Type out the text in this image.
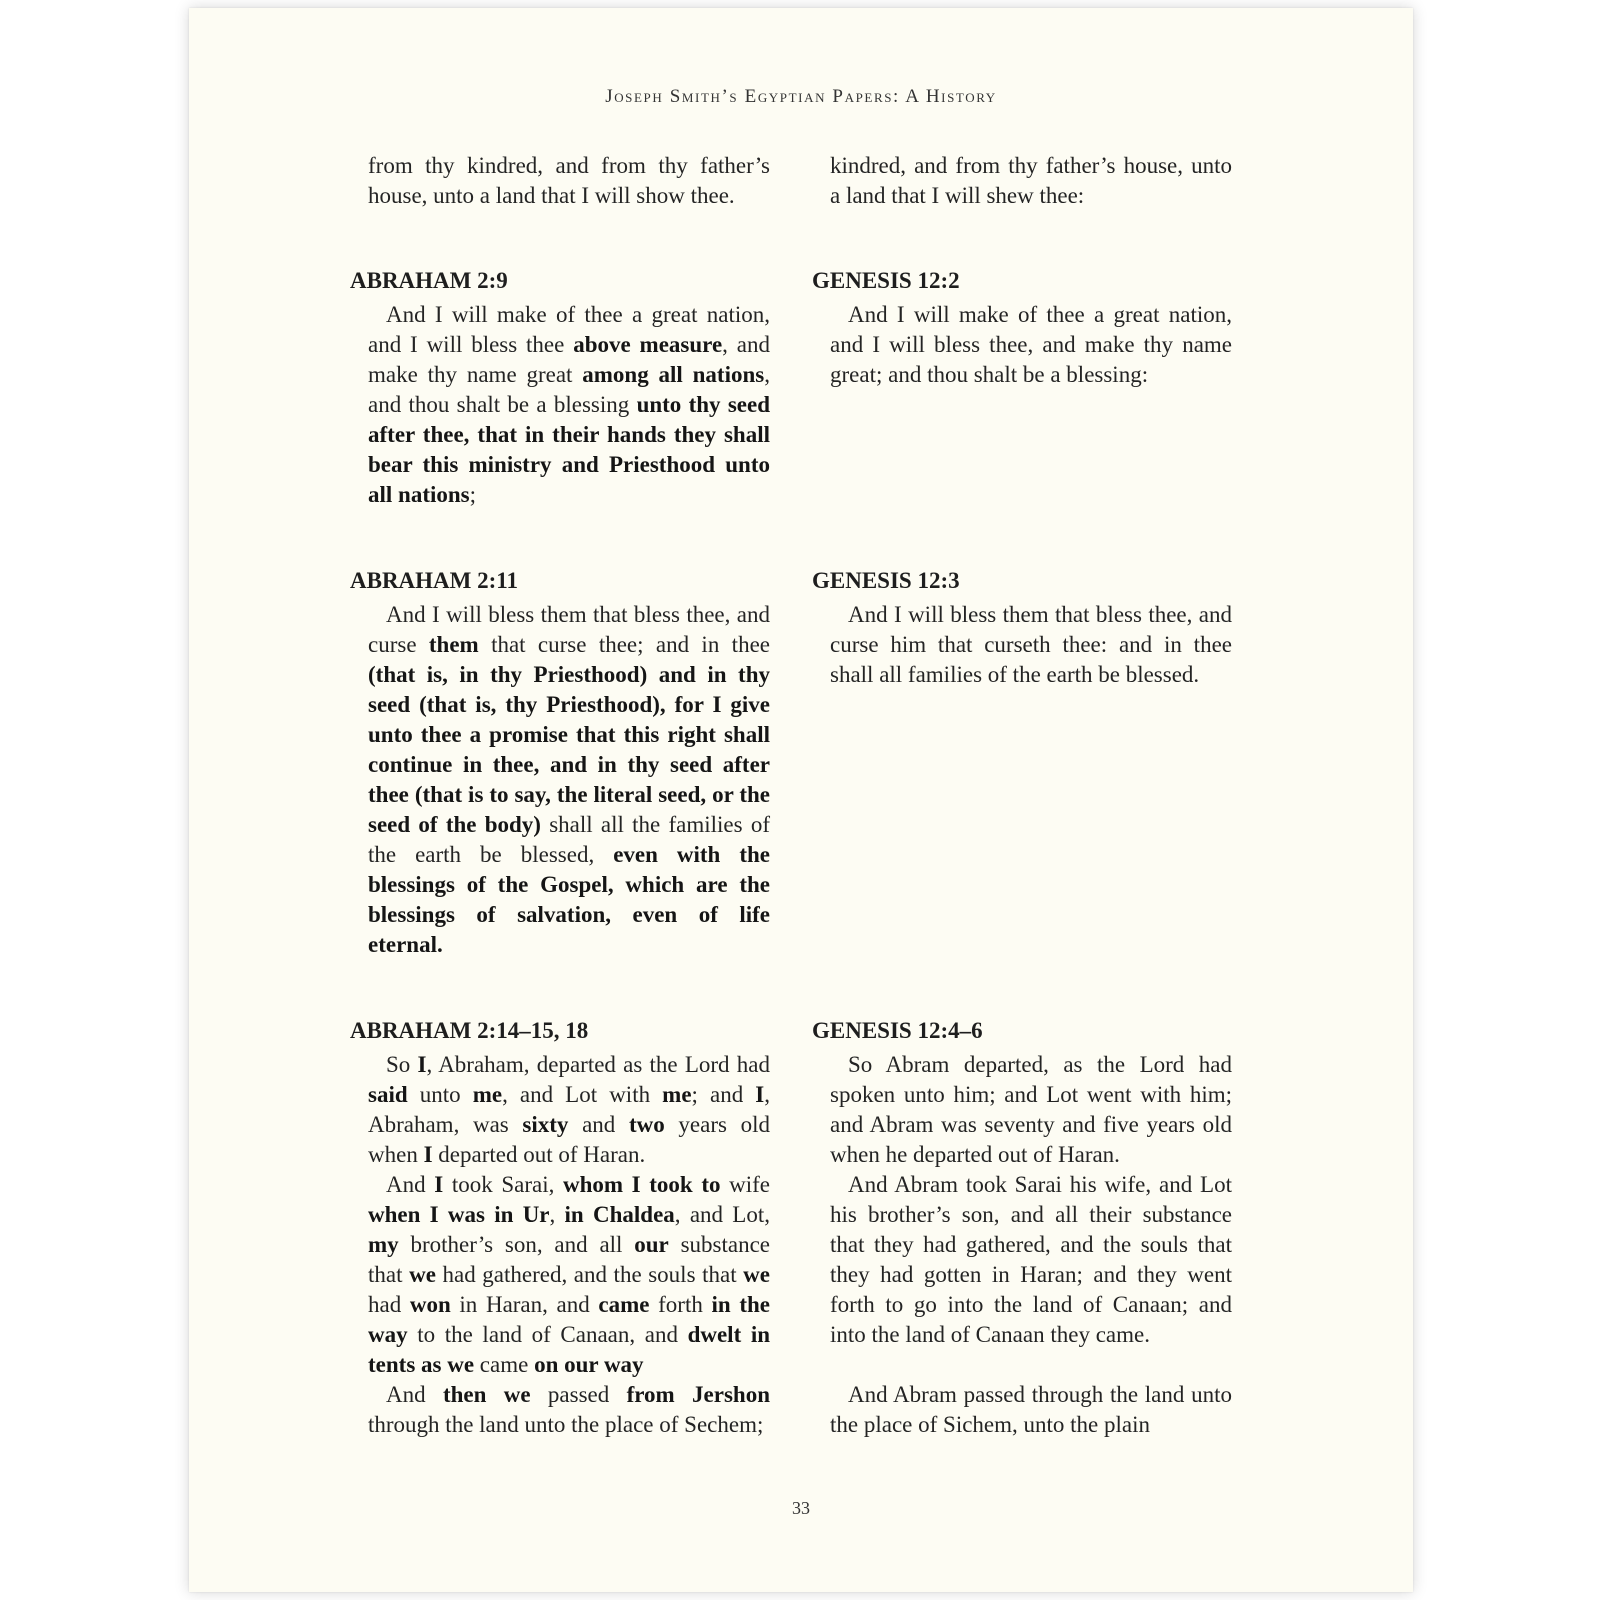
Joseph Smith’s Egyptian Papers: A History

from thy kindred, and from thy father’s house, unto a land that I will show thee.

ABRAHAM 2:9

And I will make of thee a great nation, and I will bless thee above measure, and make thy name great among all nations, and thou shalt be a blessing unto thy seed after thee, that in their hands they shall bear this ministry and Priesthood unto all nations;

ABRAHAM 2:11

And I will bless them that bless thee, and curse them that curse thee; and in thee (that is, in thy Priesthood) and in thy seed (that is, thy Priesthood), for I give unto thee a promise that this right shall continue in thee, and in thy seed after thee (that is to say, the literal seed, or the seed of the body) shall all the families of the earth be blessed, even with the blessings of the Gospel, which are the blessings of salvation, even of life eternal.

ABRAHAM 2:14–15, 18

So I, Abraham, departed as the Lord had said unto me, and Lot with me; and I, Abraham, was sixty and two years old when I departed out of Haran.

And I took Sarai, whom I took to wife when I was in Ur, in Chaldea, and Lot, my brother’s son, and all our substance that we had gathered, and the souls that we had won in Haran, and came forth in the way to the land of Canaan, and dwelt in tents as we came on our way

And then we passed from Jershon through the land unto the place of Sechem;

kindred, and from thy father’s house, unto a land that I will shew thee:

GENESIS 12:2

And I will make of thee a great nation, and I will bless thee, and make thy name great; and thou shalt be a blessing:

GENESIS 12:3

And I will bless them that bless thee, and curse him that curseth thee: and in thee shall all families of the earth be blessed.

GENESIS 12:4–6

So Abram departed, as the Lord had spoken unto him; and Lot went with him; and Abram was seventy and five years old when he departed out of Haran.

And Abram took Sarai his wife, and Lot his brother’s son, and all their substance that they had gathered, and the souls that they had gotten in Haran; and they went forth to go into the land of Canaan; and into the land of Canaan they came.

And Abram passed through the land unto the place of Sichem, unto the plain

33
